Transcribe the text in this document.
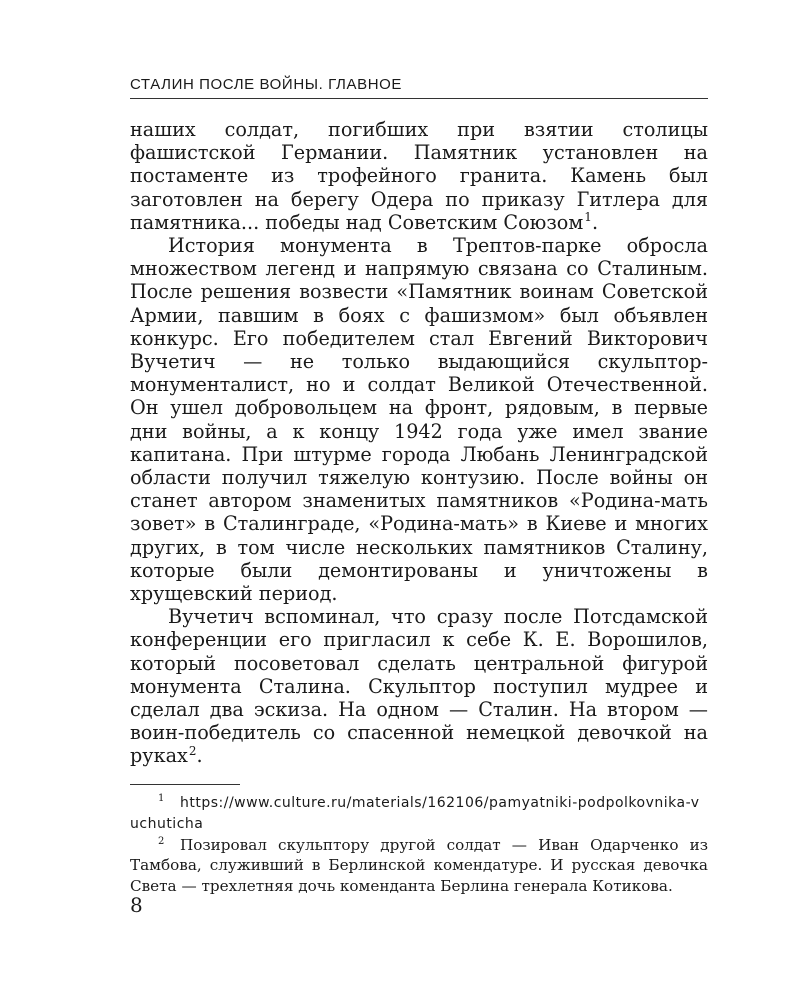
СТАЛИН ПОСЛЕ ВОЙНЫ. ГЛАВНОЕ

наших солдат, погибших при взятии столицы фашистской Германии. Памятник установлен на постаменте из трофейного гранита. Камень был заготовлен на берегу Одера по приказу Гитлера для памятника... победы над Советским Союзом$^1$.

История монумента в Трептов-парке обросла множеством легенд и напрямую связана со Сталиным. После решения возвести «Памятник воинам Советской Армии, павшим в боях с фашизмом» был объявлен конкурс. Его победителем стал Евгений Викторович Вучетич — не только выдающийся скульптор-монументалист, но и солдат Великой Отечественной. Он ушел добровольцем на фронт, рядовым, в первые дни войны, а к концу 1942 года уже имел звание капитана. При штурме города Любань Ленинградской области получил тяжелую контузию. После войны он станет автором знаменитых памятников «Родина-мать зовет» в Сталинграде, «Родина-мать» в Киеве и многих других, в том числе нескольких памятников Сталину, которые были демонтированы и уничтожены в хрущевский период.

Вучетич вспоминал, что сразу после Потсдамской конференции его пригласил к себе К. Е. Ворошилов, который посоветовал сделать центральной фигурой монумента Сталина. Скульптор поступил мудрее и сделал два эскиза. На одном — Сталин. На втором — воин-победитель со спасенной немецкой девочкой на руках$^2$.

1 https://www.culture.ru/materials/162106/pamyatniki-podpolkovnika-vuchuticha

2 Позировал скульптору другой солдат — Иван Одарченко из Тамбова, служивший в Берлинской комендатуре. И русская девочка Света — трехлетняя дочь коменданта Берлина генерала Котикова.

8
